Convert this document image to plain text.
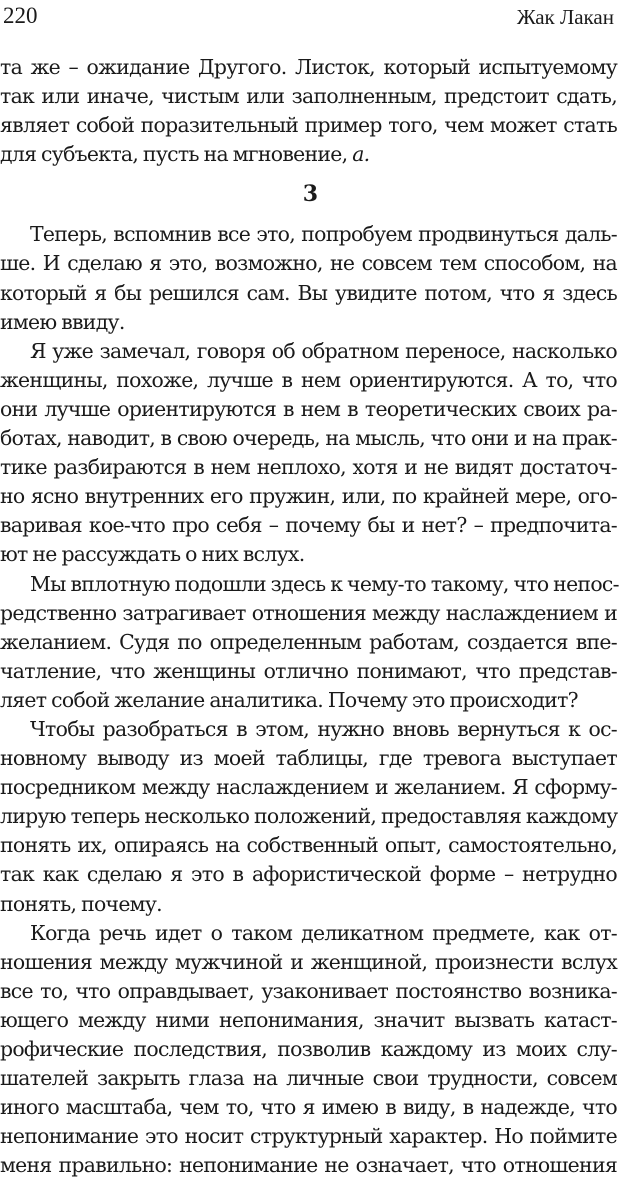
220	Жак Лакан
та же – ожидание Другого. Листок, который испытуемому
так или иначе, чистым или заполненным, предстоит сдать,
являет собой поразительный пример того, чем может стать
для субъекта, пусть на мгновение, а.
3
Теперь, вспомнив все это, попробуем продвинуться даль-
ше. И сделаю я это, возможно, не совсем тем способом, на
который я бы решился сам. Вы увидите потом, что я здесь
имею ввиду.
Я уже замечал, говоря об обратном переносе, насколько
женщины, похоже, лучше в нем ориентируются. А то, что
они лучше ориентируются в нем в теоретических своих ра-
ботах, наводит, в свою очередь, на мысль, что они и на прак-
тике разбираются в нем неплохо, хотя и не видят достаточ-
но ясно внутренних его пружин, или, по крайней мере, ого-
варивая кое-что про себя – почему бы и нет? – предпочита-
ют не рассуждать о них вслух.
Мы вплотную подошли здесь к чему-то такому, что непос-
редственно затрагивает отношения между наслаждением и
желанием. Судя по определенным работам, создается впе-
чатление, что женщины отлично понимают, что представ-
ляет собой желание аналитика. Почему это происходит?
Чтобы разобраться в этом, нужно вновь вернуться к ос-
новному выводу из моей таблицы, где тревога выступает
посредником между наслаждением и желанием. Я сформу-
лирую теперь несколько положений, предоставляя каждому
понять их, опираясь на собственный опыт, самостоятельно,
так как сделаю я это в афористической форме – нетрудно
понять, почему.
Когда речь идет о таком деликатном предмете, как от-
ношения между мужчиной и женщиной, произнести вслух
все то, что оправдывает, узаконивает постоянство возника-
ющего между ними непонимания, значит вызвать катаст-
рофические последствия, позволив каждому из моих слу-
шателей закрыть глаза на личные свои трудности, совсем
иного масштаба, чем то, что я имею в виду, в надежде, что
непонимание это носит структурный характер. Но поймите
меня правильно: непонимание не означает, что отношения
